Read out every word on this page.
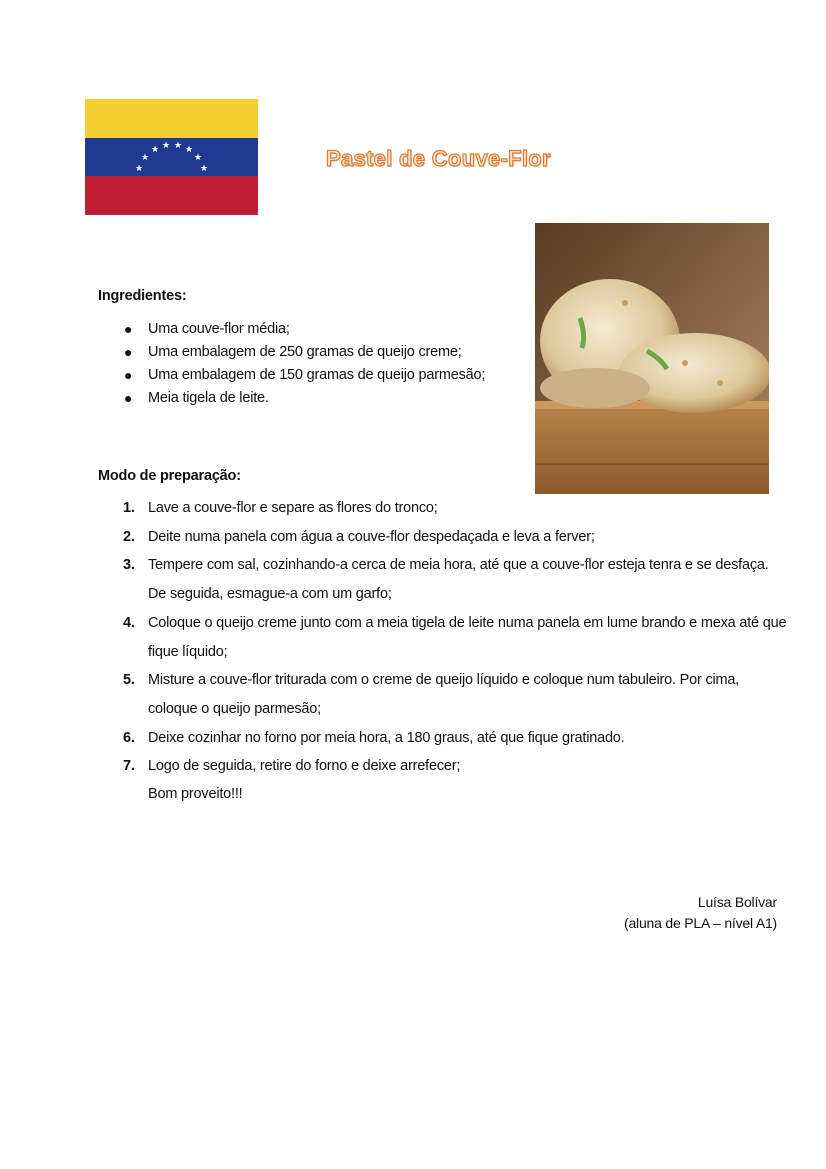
★
★
★ ★ ★ ★
★
★	Pastel de Couve-Flor
Ingredientes:
● Uma couve-flor média;
● Uma embalagem de 250 gramas de queijo creme;
● Uma embalagem de 150 gramas de queijo parmesão;
● Meia tigela de leite.
Modo de preparação:
1. Lave a couve-flor e separe as flores do tronco;
2. Deite numa panela com água a couve-flor despedaçada e leva a ferver;
3. Tempere com sal, cozinhando-a cerca de meia hora, até que a couve-flor esteja tenra e se desfaça. De seguida, esmague-a com um garfo;
4. Coloque o queijo creme junto com a meia tigela de leite numa panela em lume brando e mexa até que fique líquido;
5. Misture a couve-flor triturada com o creme de queijo líquido e coloque num tabuleiro. Por cima, coloque o queijo parmesão;
6. Deixe cozinhar no forno por meia hora, a 180 graus, até que fique gratinado.
7. Logo de seguida, retire do forno e deixe arrefecer;
Bom proveito!!!
Luísa Bolívar
(aluna de PLA – nível A1)
